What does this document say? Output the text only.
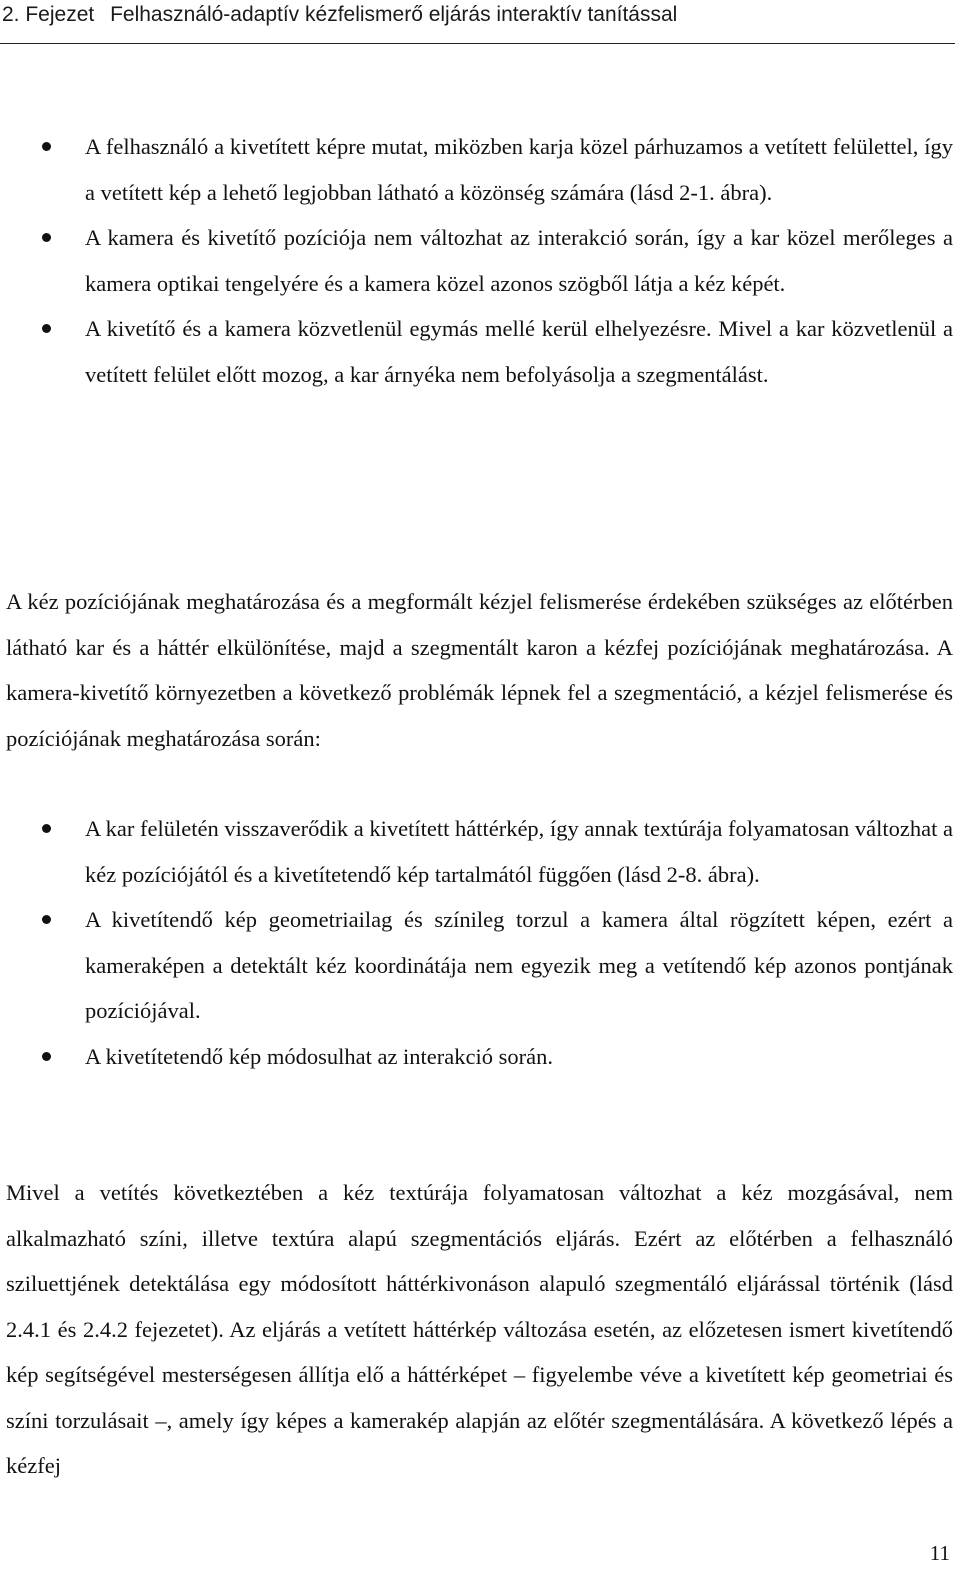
2. Fejezet Felhasználó-adaptív kézfelismerő eljárás interaktív tanítással
A felhasználó a kivetített képre mutat, miközben karja közel párhuzamos a vetített felülettel, így a vetített kép a lehető legjobban látható a közönség számára (lásd 2-1. ábra).
A kamera és kivetítő pozíciója nem változhat az interakció során, így a kar közel merőleges a kamera optikai tengelyére és a kamera közel azonos szögből látja a kéz képét.
A kivetítő és a kamera közvetlenül egymás mellé kerül elhelyezésre. Mivel a kar közvetlenül a vetített felület előtt mozog, a kar árnyéka nem befolyásolja a szegmentálást.

A kéz pozíciójának meghatározása és a megformált kézjel felismerése érdekében szükséges az előtérben látható kar és a háttér elkülönítése, majd a szegmentált karon a kézfej pozíciójának meghatározása. A kamera-kivetítő környezetben a következő problémák lépnek fel a szegmentáció, a kézjel felismerése és pozíciójának meghatározása során:

A kar felületén visszaverődik a kivetített háttérkép, így annak textúrája folyamatosan változhat a kéz pozíciójától és a kivetítetendő kép tartalmától függően (lásd 2-8. ábra).
A kivetítendő kép geometriailag és színileg torzul a kamera által rögzített képen, ezért a kameraképen a detektált kéz koordinátája nem egyezik meg a vetítendő kép azonos pontjának pozíciójával.
A kivetítetendő kép módosulhat az interakció során.

Mivel a vetítés következtében a kéz textúrája folyamatosan változhat a kéz mozgásával, nem alkalmazható színi, illetve textúra alapú szegmentációs eljárás. Ezért az előtérben a felhasználó sziluettjének detektálása egy módosított háttérkivonáson alapuló szegmentáló eljárással történik (lásd 2.4.1 és 2.4.2 fejezetet). Az eljárás a vetített háttérkép változása esetén, az előzetesen ismert kivetítendő kép segítségével mesterségesen állítja elő a háttérképet – figyelembe véve a kivetített kép geometriai és színi torzulásait –, amely így képes a kamerakép alapján az előtér szegmentálására. A következő lépés a kézfej

11
